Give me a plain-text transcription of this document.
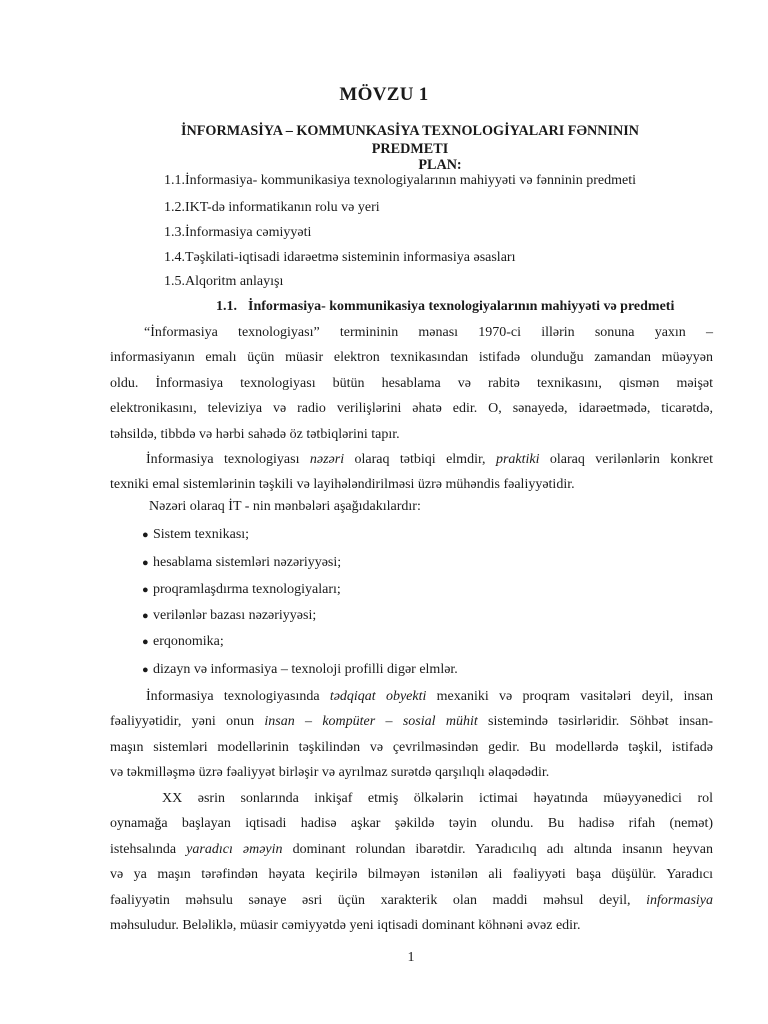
MÖVZU 1
İNFORMASİYA – KOMMUNKASİYA TEXNOLOGİYALARI FƏNNININ PREDMETI
PLAN:
1.1.İnformasiya- kommunikasiya texnologiyalarının mahiyyəti və fənninin predmeti
1.2.IKT-də informatikanın rolu və yeri
1.3.İnformasiya cəmiyyəti
1.4.Təşkilati-iqtisadi idarəetmə sisteminin informasiya əsasları
1.5.Alqoritm anlayışı
1.1. İnformasiya- kommunikasiya texnologiyalarının mahiyyəti və predmeti
“İnformasiya texnologiyası” termininin mənası 1970-ci illərin sonuna yaxın –
informasiyanın emalı üçün müasir elektron texnikasından istifadə olunduğu zamandan müəyyən
oldu. İnformasiya texnologiyası bütün hesablama və rabitə texnikasını, qismən məişət
elektronikasını, televiziya və radio verilişlərini əhatə edir. O, sənayedə, idarəetmədə, ticarətdə,
təhsildə, tibbdə və hərbi sahədə öz tətbiqlərini tapır.
İnformasiya texnologiyası nəzəri olaraq tətbiqi elmdir, praktiki olaraq verilənlərin konkret
texniki emal sistemlərinin təşkili və layihələndirilməsi üzrə mühəndis fəaliyyətidir.
Nəzəri olaraq İT - nin mənbələri aşağıdakılardır:
● Sistem texnikası;
● hesablama sistemləri nəzəriyyəsi;
● proqramlaşdırma texnologiyaları;
● verilənlər bazası nəzəriyyəsi;
● erqonomika;
● dizayn və informasiya – texnoloji profilli digər elmlər.
İnformasiya texnologiyasında tədqiqat obyekti mexaniki və proqram vasitələri deyil, insan
fəaliyyətidir, yəni onun insan – kompüter – sosial mühit sistemində təsirləridir. Söhbət insan-
maşın sistemləri modellərinin təşkilindən və çevrilməsindən gedir. Bu modellərdə təşkil, istifadə
və təkmilləşmə üzrə fəaliyyət birləşir və ayrılmaz surətdə qarşılıqlı əlaqədədir.
XX əsrin sonlarında inkişaf etmiş ölkələrin ictimai həyatında müəyyənedici rol
oynamağa başlayan iqtisadi hadisə aşkar şəkildə təyin olundu. Bu hadisə rifah (nemət)
istehsalında yaradıcı əməyin dominant rolundan ibarətdir. Yaradıcılıq adı altında insanın heyvan
və ya maşın tərəfindən həyata keçirilə bilməyən istənilən ali fəaliyyəti başa düşülür. Yaradıcı
fəaliyyətin məhsulu sənaye əsri üçün xarakterik olan maddi məhsul deyil, informasiya
məhsuludur. Beləliklə, müasir cəmiyyətdə yeni iqtisadi dominant köhnəni əvəz edir.
1
